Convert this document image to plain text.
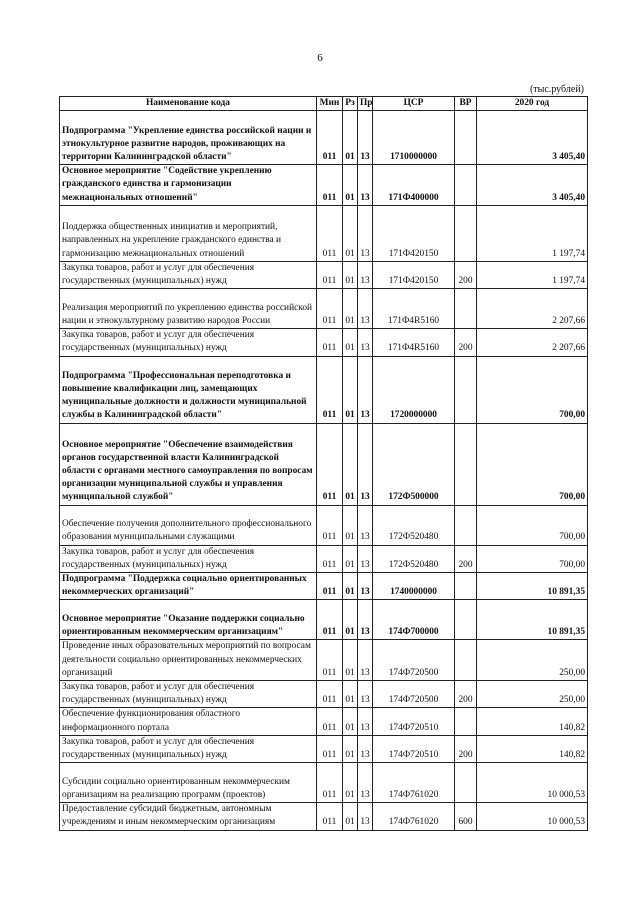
6
(тыс.рублей)
Наименование кода	Мин	Рз	Пр	ЦСР	ВР	2020 год
Подпрограмма "Укрепление единства российской нации и этнокультурное развитие народов, проживающих на территории Калининградской области"	011	01	13	1710000000		3 405,40
Основное мероприятие "Содействие укреплению гражданского единства и гармонизации межнациональных отношений"	011	01	13	171Ф400000		3 405,40
Поддержка общественных инициатив и мероприятий, направленных на укрепление гражданского единства и гармонизацию межнациональных отношений	011	01	13	171Ф420150		1 197,74
Закупка товаров, работ и услуг для обеспечения государственных (муниципальных) нужд	011	01	13	171Ф420150	200	1 197,74
Реализация мероприятий по укреплению единства российской нации и этнокультурному развитию народов России	011	01	13	171Ф4R5160		2 207,66
Закупка товаров, работ и услуг для обеспечения государственных (муниципальных) нужд	011	01	13	171Ф4R5160	200	2 207,66
Подпрограмма "Профессиональная переподготовка и повышение квалификации лиц, замещающих муниципальные должности и должности муниципальной службы в Калининградской области"	011	01	13	1720000000		700,00
Основное мероприятие "Обеспечение взаимодействия органов государственной власти Калининградской области с органами местного самоуправления по вопросам организации муниципальной службы и управления муниципальной службой"	011	01	13	172Ф500000		700,00
Обеспечение получения дополнительного профессионального образования муниципальными служащими	011	01	13	172Ф520480		700,00
Закупка товаров, работ и услуг для обеспечения государственных (муниципальных) нужд	011	01	13	172Ф520480	200	700,00
Подпрограмма "Поддержка социально ориентированных некоммерческих организаций"	011	01	13	1740000000		10 891,35
Основное мероприятие "Оказание поддержки социально ориентированным некоммерческим организациям"	011	01	13	174Ф700000		10 891,35
Проведение иных образовательных мероприятий по вопросам деятельности социально ориентированных некоммерческих организаций	011	01	13	174Ф720500		250,00
Закупка товаров, работ и услуг для обеспечения государственных (муниципальных) нужд	011	01	13	174Ф720500	200	250,00
Обеспечение функционирования областного информационного портала	011	01	13	174Ф720510		140,82
Закупка товаров, работ и услуг для обеспечения государственных (муниципальных) нужд	011	01	13	174Ф720510	200	140,82
Субсидии социально ориентированным некоммерческим организациям на реализацию программ (проектов)	011	01	13	174Ф761020		10 000,53
Предоставление субсидий бюджетным, автономным учреждениям и иным некоммерческим организациям	011	01	13	174Ф761020	600	10 000,53
